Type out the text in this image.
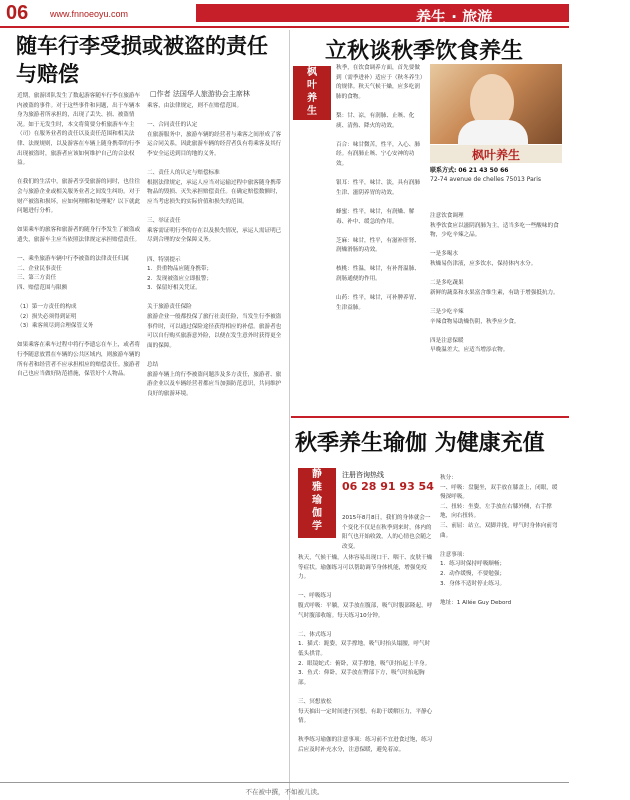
06 www.fnnoeoyu.com	养生 · 旅游	2015年09月14日 第47期
随车行李受损或被盗的责任与赔偿
□作者 法国华人旅游协会主席林
近期，旅游团队发生了数起游客随车行李在旅游车内被盗的事件。对于这些事件和问题，出于车辆本身为旅游者所承担的，出现了丢失、损、被盗情况。如于无发生时，本文将简要分析旅游车车主（司）在服务业者的责任以及责任范围和相关法律、法规规则，以及游客在车辆上随身携带的行李出现被盗时，旅游者应该如何维护自己的合法权益。

在我们的生活中，旅游者享受旅游的同时，也往往会与旅游企业或相关服务业者之间发生纠纷。对于财产被盗和损坏，应如何理解和处理呢？以下就此问题进行分析。

如果乘车的旅客和旅游者的随身行李发生了被盗或遗失，旅游车主应当依照法律规定承担赔偿责任。

一、乘坐旅游车辆中行李被盗的法律责任归属
二、企业民事责任
三、第三方责任
四、赔偿范围与限额

（1）第一方责任的构成
（2）损失必须得到证明
（3）乘客须尽到合理保管义务

如果乘客在乘车过程中将行李遗忘在车上，或者将行李随意放置在车辆的公共区域内，则旅游车辆的所有者和经营者不应承担相应的赔偿责任。旅游者自己也应当做好防范措施，保管好个人物品。
乘客，由法律规定，则不在赔偿范围。

一、合同责任的认定
在旅游服务中，旅游车辆的经营者与乘客之间形成了客运合同关系，因此旅游车辆的经营者负有将乘客及其行李安全运送到目的地的义务。

二、责任人的认定与赔偿标准
根据法律规定，承运人应当对运输过程中旅客随身携带物品的毁损、灭失承担赔偿责任。在确定赔偿数额时，应当考虑损失的实际价值和损失的范围。

三、举证责任
乘客需证明行李的存在以及损失情况，承运人需证明已尽到合理的安全保障义务。

四、特别提示
1．贵重物品应随身携带；
2．发现被盗应立即报警；
3．保留好相关凭证。

关于旅游责任保险
旅游企业一般都投保了旅行社责任险，当发生行李被盗事件时，可以通过保险途径获得相应的补偿。旅游者也可以自行购买旅游意外险，以便在发生意外时获得更全面的保障。

总结
旅游车辆上的行李被盗问题涉及多方责任，旅游者、旅游企业以及车辆经营者都应当加强防范意识，共同维护良好的旅游环境。
枫
叶
养
生
立秋谈秋季饮食养生
秋季，在饮食调养方面，首先要做到（需季进补）适应于（秋冬养生）的规律。秋天气候干燥，应多吃润肺的食物。

梨：甘、凉，有润肺、止咳、化痰、清热、降火的功效。

百合：味甘微苦，性平，入心、肺经。有润肺止咳、宁心安神的功效。

银耳：性平，味甘、淡，具有润肺生津、滋阴养胃的功效。

蜂蜜：性平，味甘，有润燥、解毒、补中、缓急的作用。

芝麻：味甘，性平，有滋补肝肾、润燥滑肠的功效。

核桃：性温，味甘，有补肾温肺、润肠通便的作用。

山药：性平，味甘，可补脾养胃、生津益肺。
枫叶养生
联系方式: 06 21 43 50 66
72-74 avenue de chelles 75013 Paris
注意饮食调理
秋季饮食应以滋阴润肺为主，适当多吃一些酸味的食物，少吃辛辣之品。

一是多喝水
秋燥易伤津液，应多饮水，保持体内水分。

二是多吃蔬果
新鲜的蔬菜和水果富含维生素，有助于增强抵抗力。

三是少吃辛辣
辛辣食物易助燥伤阴，秋季应少食。

四是注意保暖
早晚温差大，应适当增添衣物。
秋季养生瑜伽 为健康充值
静
雅
瑜
伽
学
注册咨询热线
06 28 91 93 54
2015年8月8日，我们的身体就会一个变化不仅是在秋季到来时，体内的阳气也开始收敛，人的心情也会随之改变。
秋天，气候干燥，人体容易出现口干、咽干、皮肤干燥等症状。瑜伽练习可以帮助调节身体机能，增强免疫力。

一、呼吸练习
腹式呼吸：平躺，双手放在腹部，吸气时腹部隆起，呼气时腹部收缩。每天练习10分钟。

二、体式练习
1．猫式：跪姿，双手撑地，吸气时抬头塌腰，呼气时低头拱背。
2．眼镜蛇式：俯卧，双手撑地，吸气时抬起上半身。
3．鱼式：仰卧，双手放在臀部下方，吸气时抬起胸部。

三、冥想放松
每天抽出一定时间进行冥想，有助于缓解压力，平静心情。

秋季练习瑜伽的注意事项：练习前不宜进食过饱，练习后应及时补充水分，注意保暖，避免着凉。
秋分：
一、呼吸：盘腿坐，双手放在膝盖上，闭眼，缓慢深呼吸。
二、扭转：坐姿，左手放在右膝外侧，右手撑地，向右扭转。
三、前屈：站立，双脚并拢，呼气时身体向前弯曲。

注意事项：
1．练习时保持呼吸顺畅；
2．动作缓慢，不要勉强；
3．身体不适时停止练习。

地址：1 Allée Guy Debord
不在被中撰，不如被儿读。
